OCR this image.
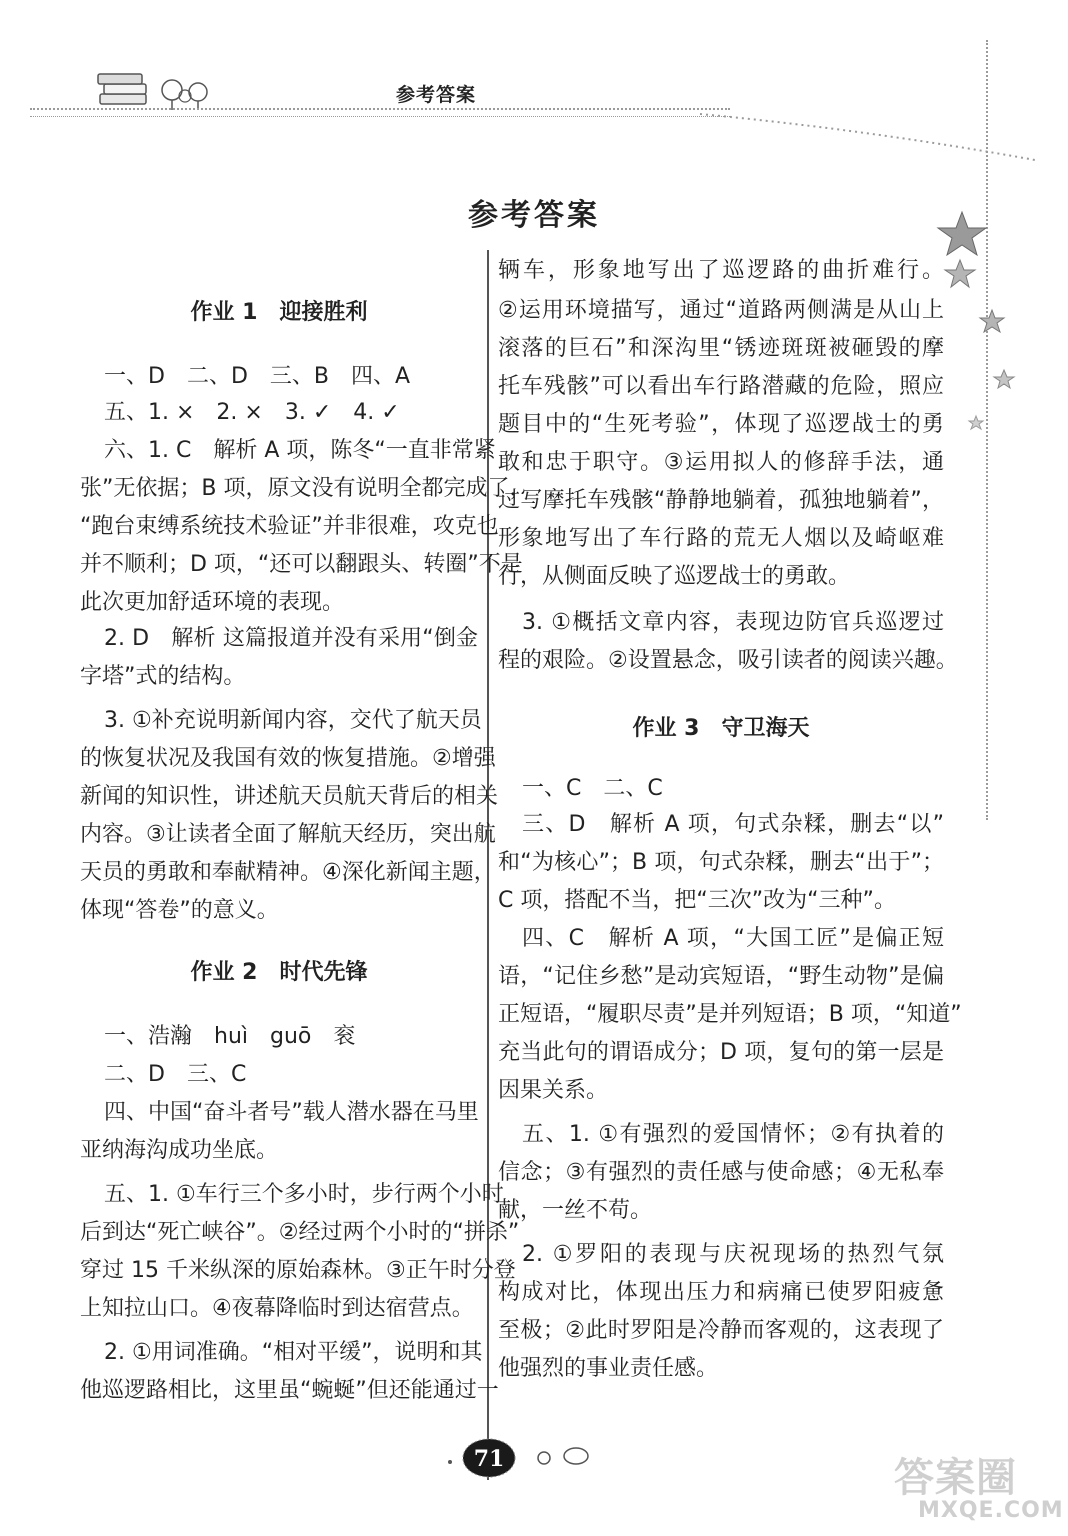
参考答案
参考答案
作业 1　迎接胜利
一、D　二、D　三、B　四、A
五、1. ×　2. ×　3. ✓　4. ✓
六、1. C　解析 A 项，陈冬“一直非常紧
张”无依据；B 项，原文没有说明全都完成了，
“跑台束缚系统技术验证”并非很难，攻克也
并不顺利；D 项，“还可以翻跟头、转圈”不是
此次更加舒适环境的表现。
2. D　解析 这篇报道并没有采用“倒金
字塔”式的结构。
3. ①补充说明新闻内容，交代了航天员
的恢复状况及我国有效的恢复措施。②增强
新闻的知识性，讲述航天员航天背后的相关
内容。③让读者全面了解航天经历，突出航
天员的勇敢和奉献精神。④深化新闻主题，
体现“答卷”的意义。
作业 2　时代先锋
一、浩瀚　huì　guō　衮
二、D　三、C
四、中国“奋斗者号”载人潜水器在马里
亚纳海沟成功坐底。
五、1. ①车行三个多小时，步行两个小时
后到达“死亡峡谷”。②经过两个小时的“拼杀”
穿过 15 千米纵深的原始森林。③正午时分登
上知拉山口。④夜幕降临时到达宿营点。
2. ①用词准确。“相对平缓”，说明和其
他巡逻路相比，这里虽“蜿蜒”但还能通过一
辆车，形象地写出了巡逻路的曲折难行。
②运用环境描写，通过“道路两侧满是从山上
滚落的巨石”和深沟里“锈迹斑斑被砸毁的摩
托车残骸”可以看出车行路潜藏的危险，照应
题目中的“生死考验”，体现了巡逻战士的勇
敢和忠于职守。③运用拟人的修辞手法，通
过写摩托车残骸“静静地躺着，孤独地躺着”，
形象地写出了车行路的荒无人烟以及崎岖难
行，从侧面反映了巡逻战士的勇敢。
3. ①概括文章内容，表现边防官兵巡逻过
程的艰险。②设置悬念，吸引读者的阅读兴趣。
作业 3　守卫海天
一、C　二、C
三、D　解析 A 项，句式杂糅，删去“以”
和“为核心”；B 项，句式杂糅，删去“出于”；
C 项，搭配不当，把“三次”改为“三种”。
四、C　解析 A 项，“大国工匠”是偏正短
语，“记住乡愁”是动宾短语，“野生动物”是偏
正短语，“履职尽责”是并列短语；B 项，“知道”
充当此句的谓语成分；D 项，复句的第一层是
因果关系。
五、1. ①有强烈的爱国情怀；②有执着的
信念；③有强烈的责任感与使命感；④无私奉
献，一丝不苟。
2. ①罗阳的表现与庆祝现场的热烈气氛
构成对比，体现出压力和病痛已使罗阳疲惫
至极；②此时罗阳是冷静而客观的，这表现了
他强烈的事业责任感。
71	答案圈
MXQE.COM
